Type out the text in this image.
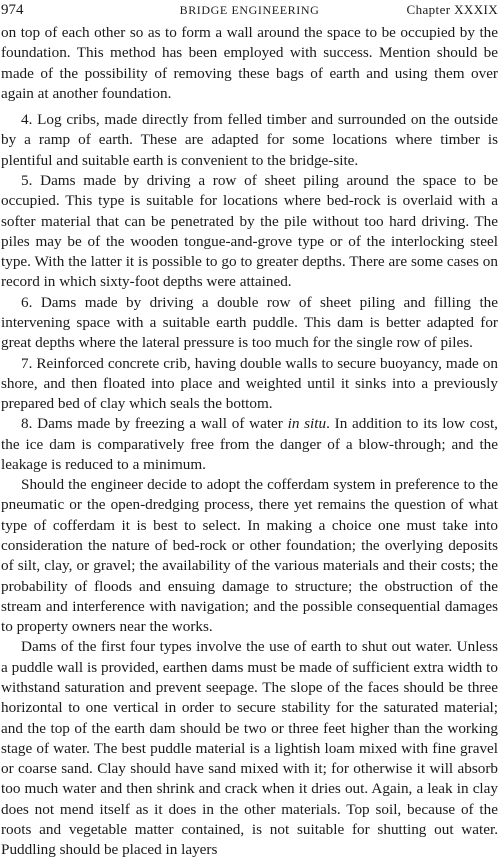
974	BRIDGE ENGINEERING	Chapter XXXIX

on top of each other so as to form a wall around the space to be occupied by the foundation. This method has been employed with success. Mention should be made of the possibility of removing these bags of earth and using them over again at another foundation.

4. Log cribs, made directly from felled timber and surrounded on the outside by a ramp of earth. These are adapted for some locations where timber is plentiful and suitable earth is convenient to the bridge-site.

5. Dams made by driving a row of sheet piling around the space to be occupied. This type is suitable for locations where bed-rock is overlaid with a softer material that can be penetrated by the pile without too hard driving. The piles may be of the wooden tongue-and-grove type or of the interlocking steel type. With the latter it is possible to go to greater depths. There are some cases on record in which sixty-foot depths were attained.

6. Dams made by driving a double row of sheet piling and filling the intervening space with a suitable earth puddle. This dam is better adapted for great depths where the lateral pressure is too much for the single row of piles.

7. Reinforced concrete crib, having double walls to secure buoyancy, made on shore, and then floated into place and weighted until it sinks into a previously prepared bed of clay which seals the bottom.

8. Dams made by freezing a wall of water in situ. In addition to its low cost, the ice dam is comparatively free from the danger of a blow-through; and the leakage is reduced to a minimum.

Should the engineer decide to adopt the cofferdam system in preference to the pneumatic or the open-dredging process, there yet remains the question of what type of cofferdam it is best to select. In making a choice one must take into consideration the nature of bed-rock or other foundation; the overlying deposits of silt, clay, or gravel; the availability of the various materials and their costs; the probability of floods and ensuing damage to structure; the obstruction of the stream and interference with navigation; and the possible consequential damages to property owners near the works.

Dams of the first four types involve the use of earth to shut out water. Unless a puddle wall is provided, earthen dams must be made of sufficient extra width to withstand saturation and prevent seepage. The slope of the faces should be three horizontal to one vertical in order to secure stability for the saturated material; and the top of the earth dam should be two or three feet higher than the working stage of water. The best puddle material is a lightish loam mixed with fine gravel or coarse sand. Clay should have sand mixed with it; for otherwise it will absorb too much water and then shrink and crack when it dries out. Again, a leak in clay does not mend itself as it does in the other materials. Top soil, because of the roots and vegetable matter contained, is not suitable for shutting out water. Puddling should be placed in layers
